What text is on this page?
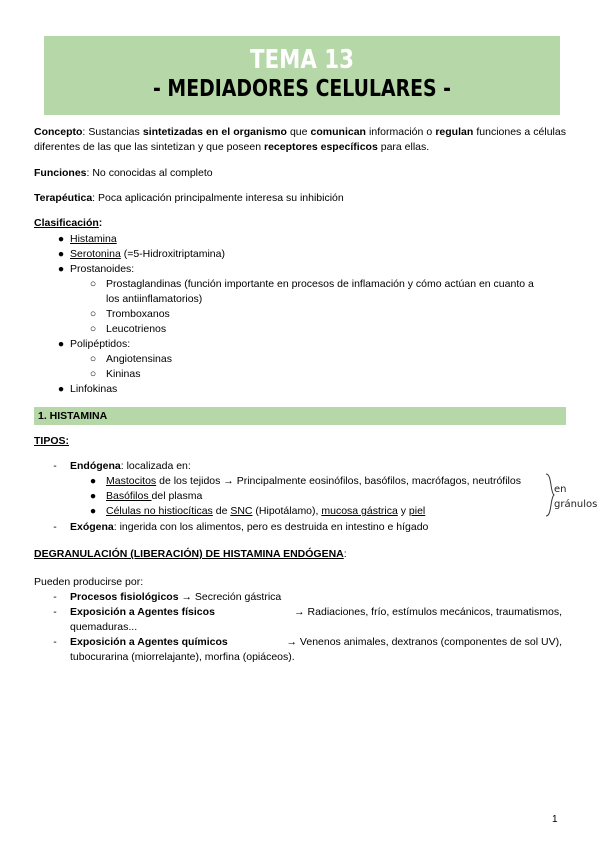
TEMA 13
- MEDIADORES CELULARES -
Concepto: Sustancias sintetizadas en el organismo que comunican información o regulan funciones a células diferentes de las que las sintetizan y que poseen receptores específicos para ellas.
Funciones: No conocidas al completo
Terapéutica: Poca aplicación principalmente interesa su inhibición
Clasificación:
● Histamina
● Serotonina (=5-Hidroxitriptamina)
● Prostanoides:
○ Prostaglandinas (función importante en procesos de inflamación y cómo actúan en cuanto a
los antiinflamatorios)
○ Tromboxanos
○ Leucotrienos
● Polipéptidos:
○ Angiotensinas
○ Kininas
● Linfokinas
1. HISTAMINA
TIPOS:
-	Endógena: localizada en:
● Mastocitos de los tejidos → Principalmente eosinófilos, basófilos, macrófagos, neutrófilos
● Basófilos del plasma
● Células no histiocíticas de SNC (Hipotálamo), mucosa gástrica y piel
en
gránulos
-	Exógena: ingerida con los alimentos, pero es destruida en intestino e hígado
DEGRANULACIÓN (LIBERACIÓN) DE HISTAMINA ENDÓGENA:
Pueden producirse por:
-	Procesos fisiológicos → Secreción gástrica
-	Exposición a Agentes físicos	→ Radiaciones, frío, estímulos mecánicos, traumatismos,
quemaduras...
-	Exposición a Agentes químicos	→ Venenos animales, dextranos (componentes de sol UV),
tubocurarina (miorrelajante), morfina (opiáceos).
1
